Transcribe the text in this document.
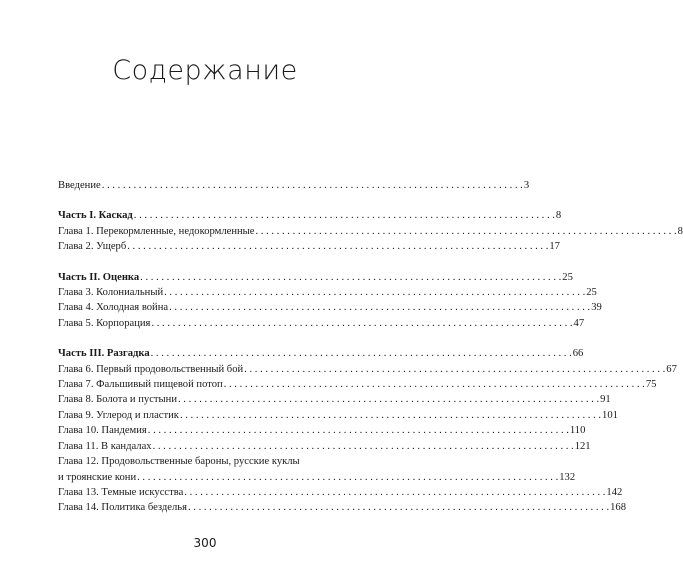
Содержание
Введение . . .	3
Часть I. Каскад . . .	8
Глава 1. Перекормленные, недокормленные . . .	8
Глава 2. Ущерб . . .	17
Часть II. Оценка . . .	25
Глава 3. Колониальный . . .	25
Глава 4. Холодная война . . .	39
Глава 5. Корпорация . . .	47
Часть III. Разгадка . . .	66
Глава 6. Первый продовольственный бой . . .	67
Глава 7. Фальшивый пищевой потоп . . .	75
Глава 8. Болота и пустыни . . .	91
Глава 9. Углерод и пластик . . .	101
Глава 10. Пандемия . . .	110
Глава 11. В кандалах . . .	121
Глава 12. Продовольственные бароны, русские куклы
и троянские кони . . .	132
Глава 13. Темные искусства . . .	142
Глава 14. Политика безделья . . .	168
300
